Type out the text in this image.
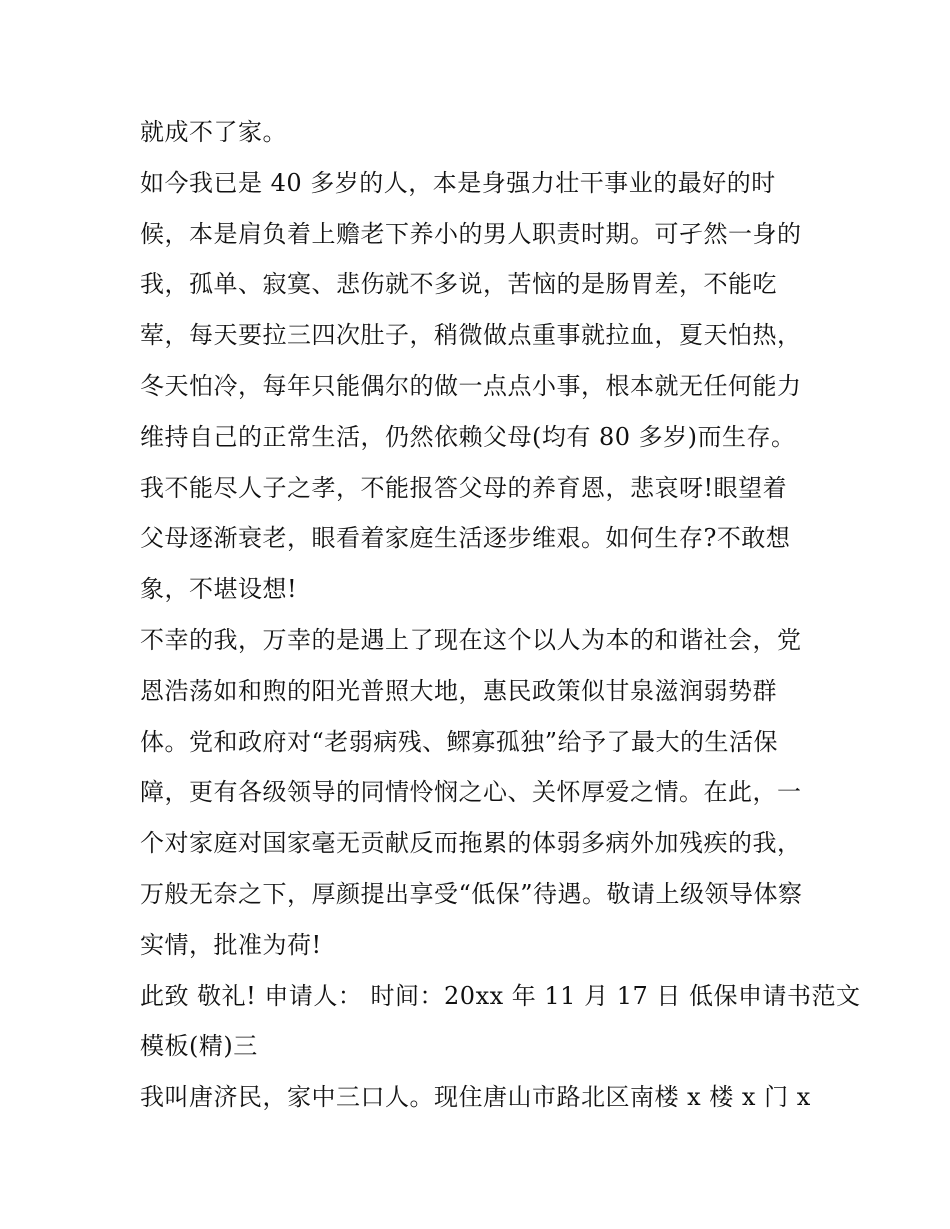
就成不了家。
如今我已是 40 多岁的人，本是身强力壮干事业的最好的时
候，本是肩负着上赡老下养小的男人职责时期。可孑然一身的
我，孤单、寂寞、悲伤就不多说，苦恼的是肠胃差，不能吃
荤，每天要拉三四次肚子，稍微做点重事就拉血，夏天怕热，
冬天怕冷，每年只能偶尔的做一点点小事，根本就无任何能力
维持自己的正常生活，仍然依赖父母(均有 80 多岁)而生存。
我不能尽人子之孝，不能报答父母的养育恩，悲哀呀!眼望着
父母逐渐衰老，眼看着家庭生活逐步维艰。如何生存?不敢想
象，不堪设想!
不幸的我，万幸的是遇上了现在这个以人为本的和谐社会，党
恩浩荡如和煦的阳光普照大地，惠民政策似甘泉滋润弱势群
体。党和政府对“老弱病残、鳏寡孤独”给予了最大的生活保
障，更有各级领导的同情怜悯之心、关怀厚爱之情。在此，一
个对家庭对国家毫无贡献反而拖累的体弱多病外加残疾的我，
万般无奈之下，厚颜提出享受“低保”待遇。敬请上级领导体察
实情，批准为荷!
此致 敬礼! 申请人： 时间：20xx 年 11 月 17 日 低保申请书范文
模板(精)三
我叫唐济民，家中三口人。现住唐山市路北区南楼 x 楼 x 门 x
